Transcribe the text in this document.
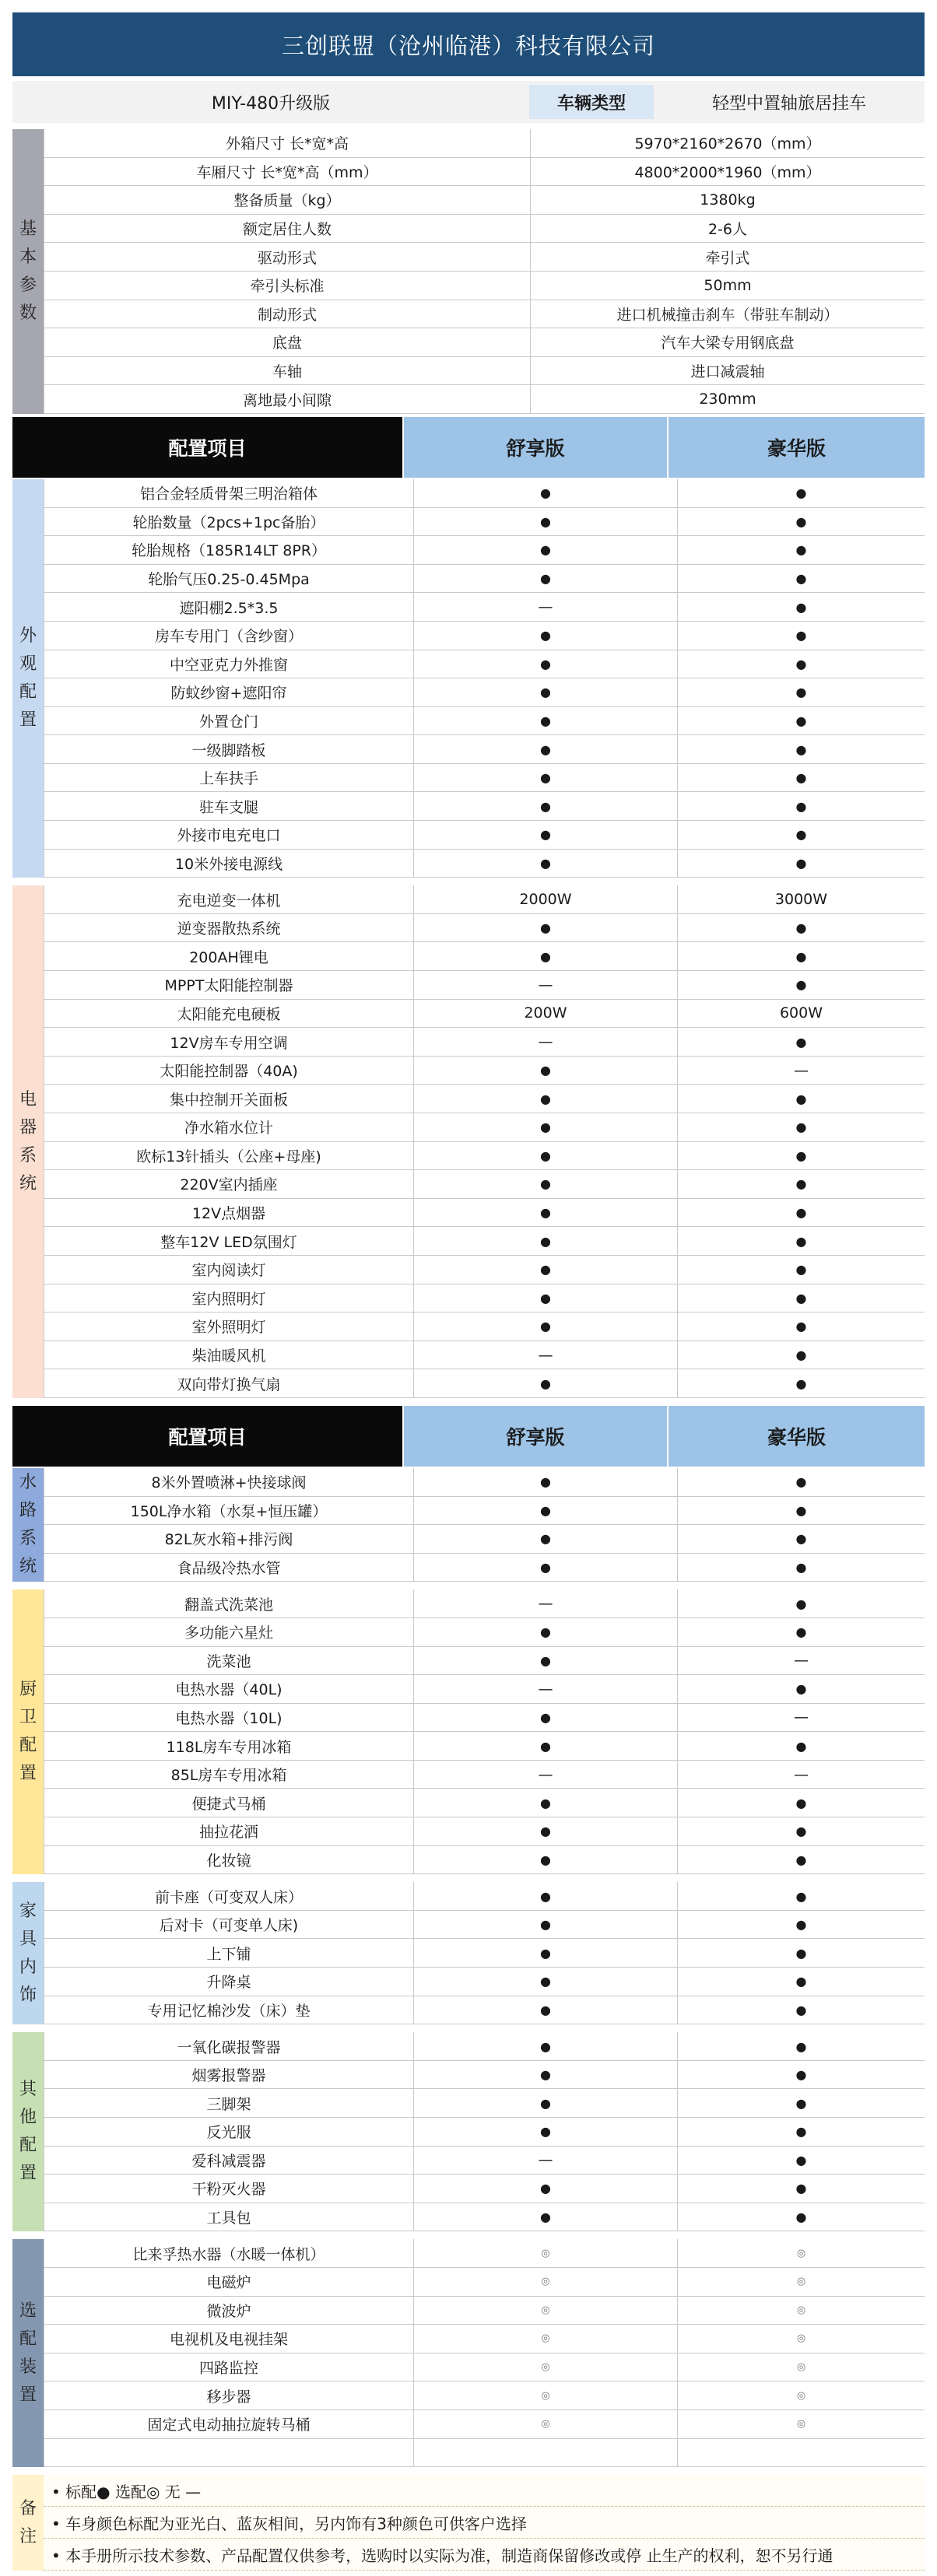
三创联盟（沧州临港）科技有限公司
MIY-480升级版	车辆类型	轻型中置轴旅居挂车
基
本
参
数
外箱尺寸 长*宽*高	5970*2160*2670（mm）
车厢尺寸 长*宽*高（mm）	4800*2000*1960（mm）
整备质量（kg）	1380kg
额定居住人数	2-6人
驱动形式	牵引式
牵引头标准	50mm
制动形式	进口机械撞击刹车（带驻车制动）
底盘	汽车大梁专用钢底盘
车轴	进口减震轴
离地最小间隙	230mm
配置项目	舒享版	豪华版
外
观
配
置
铝合金轻质骨架三明治箱体	●	●
轮胎数量（2pcs+1pc备胎）	●	●
轮胎规格（185R14LT 8PR）	●	●
轮胎气压0.25-0.45Mpa	●	●
遮阳棚2.5*3.5	—	●
房车专用门（含纱窗）	●	●
中空亚克力外推窗	●	●
防蚊纱窗+遮阳帘	●	●
外置仓门	●	●
一级脚踏板	●	●
上车扶手	●	●
驻车支腿	●	●
外接市电充电口	●	●
10米外接电源线	●	●
电
器
系
统
充电逆变一体机	2000W	3000W
逆变器散热系统	●	●
200AH锂电	●	●
MPPT太阳能控制器	—	●
太阳能充电硬板	200W	600W
12V房车专用空调	—	●
太阳能控制器（40A)	●	—
集中控制开关面板	●	●
净水箱水位计	●	●
欧标13针插头（公座+母座)	●	●
220V室内插座	●	●
12V点烟器	●	●
整车12V LED氛围灯	●	●
室内阅读灯	●	●
室内照明灯	●	●
室外照明灯	●	●
柴油暖风机	—	●
双向带灯换气扇	●	●
配置项目	舒享版	豪华版
水
路
系
统
8米外置喷淋+快接球阀	●	●
150L净水箱（水泵+恒压罐）	●	●
82L灰水箱+排污阀	●	●
食品级冷热水管	●	●
厨
卫
配
置
翻盖式洗菜池	—	●
多功能六星灶	●	●
洗菜池	●	—
电热水器（40L)	—	●
电热水器（10L)	●	—
118L房车专用冰箱	●	●
85L房车专用冰箱	—	—
便捷式马桶	●	●
抽拉花洒	●	●
化妆镜	●	●
家
具
内
饰
前卡座（可变双人床）	●	●
后对卡（可变单人床)	●	●
上下铺	●	●
升降桌	●	●
专用记忆棉沙发（床）垫	●	●
其
他
配
置
一氧化碳报警器	●	●
烟雾报警器	●	●
三脚架	●	●
反光服	●	●
爱科减震器	—	●
干粉灭火器	●	●
工具包	●	●
选
配
装
置
比来孚热水器（水暖一体机）	◎	◎
电磁炉	◎	◎
微波炉	◎	◎
电视机及电视挂架	◎	◎
四路监控	◎	◎
移步器	◎	◎
固定式电动抽拉旋转马桶	◎	◎
备
注
• 标配● 选配◎ 无 —
• 车身颜色标配为亚光白、蓝灰相间，另内饰有3种颜色可供客户选择
• 本手册所示技术参数、产品配置仅供参考，选购时以实际为准，制造商保留修改或停 止生产的权利，恕不另行通
